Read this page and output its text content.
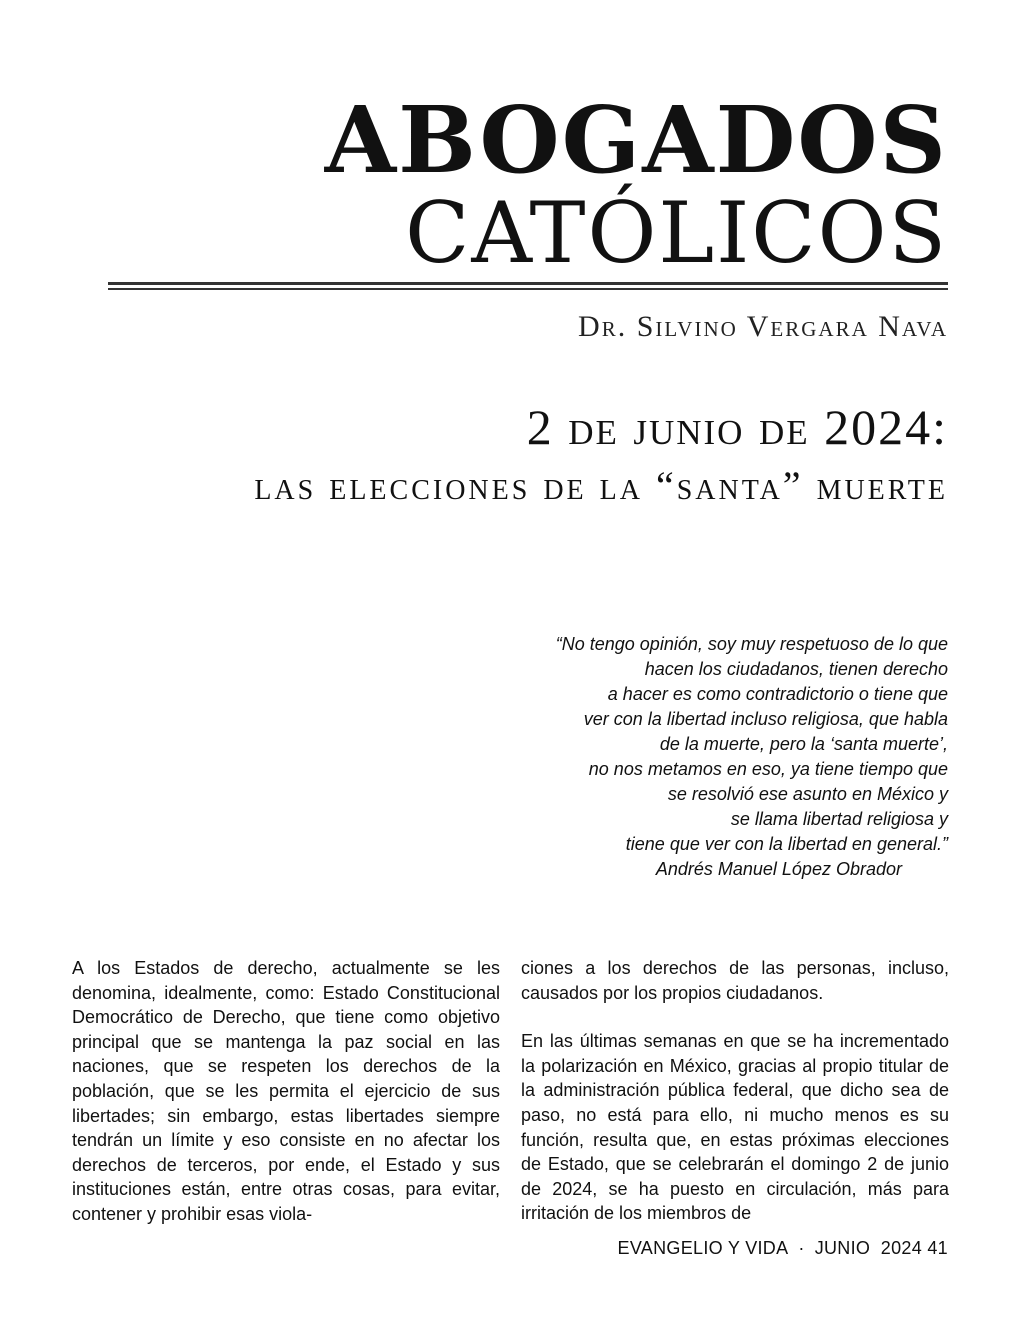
ABOGADOS
CATÓLICOS
Dr. Silvino Vergara Nava
2 de junio de 2024:
las elecciones de la “santa” muerte
“No tengo opinión, soy muy respetuoso de lo que
hacen los ciudadanos, tienen derecho
a hacer es como contradictorio o tiene que
ver con la libertad incluso religiosa, que habla
de la muerte, pero la ‘santa muerte’,
no nos metamos en eso, ya tiene tiempo que
se resolvió ese asunto en México y
se llama libertad religiosa y
tiene que ver con la libertad en general.”
Andrés Manuel López Obrador

A los Estados de derecho, actualmente se les denomina, idealmente, como: Estado Constitucional Democrático de Derecho, que tiene como objetivo principal que se mantenga la paz social en las naciones, que se respeten los derechos de la población, que se les permita el ejercicio de sus libertades; sin embargo, estas libertades siempre tendrán un límite y eso consiste en no afectar los derechos de terceros, por ende, el Estado y sus instituciones están, entre otras cosas, para evitar, contener y prohibir esas viola-

ciones a los derechos de las personas, incluso, causados por los propios ciudadanos.

En las últimas semanas en que se ha incrementado la polarización en México, gracias al propio titular de la administración pública federal, que dicho sea de paso, no está para ello, ni mucho menos es su función, resulta que, en estas próximas elecciones de Estado, que se celebrarán el domingo 2 de junio de 2024, se ha puesto en circulación, más para irritación de los miembros de

EVANGELIO Y VIDA · JUNIO  2024 41
